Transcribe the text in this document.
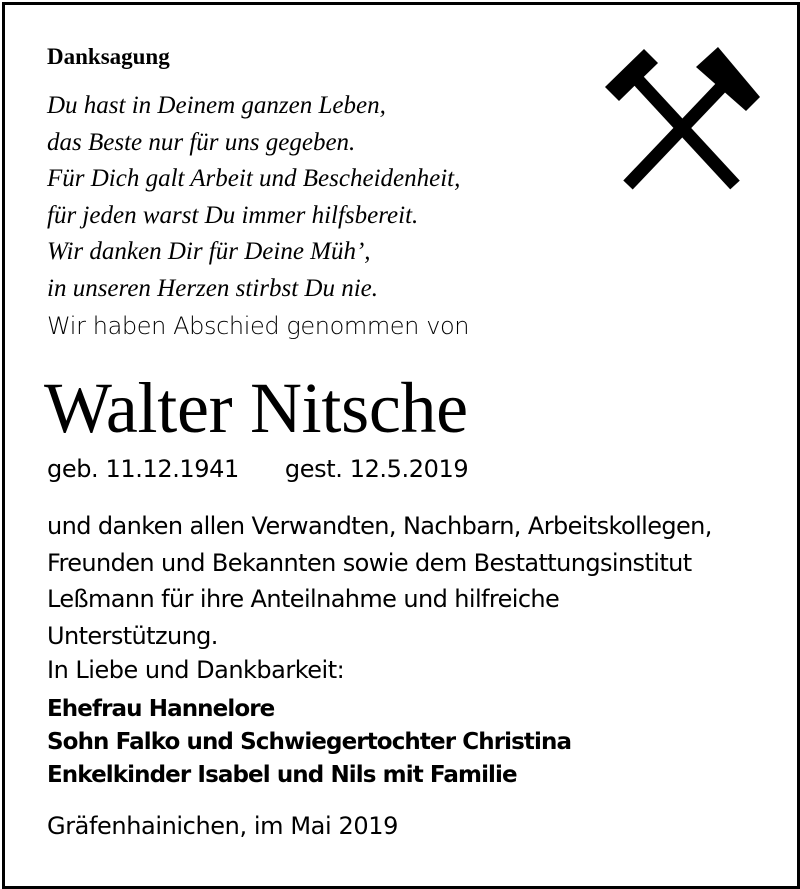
Danksagung
Du hast in Deinem ganzen Leben,
das Beste nur für uns gegeben.
Für Dich galt Arbeit und Bescheidenheit,
für jeden warst Du immer hilfsbereit.
Wir danken Dir für Deine Müh’,
in unseren Herzen stirbst Du nie.
Wir haben Abschied genommen von
Walter Nitsche
geb. 11.12.1941 gest. 12.5.2019
und danken allen Verwandten, Nachbarn, Arbeitskollegen,
Freunden und Bekannten sowie dem Bestattungsinstitut
Leßmann für ihre Anteilnahme und hilfreiche
Unterstützung.
In Liebe und Dankbarkeit:
Ehefrau Hannelore
Sohn Falko und Schwiegertochter Christina
Enkelkinder Isabel und Nils mit Familie
Gräfenhainichen, im Mai 2019
